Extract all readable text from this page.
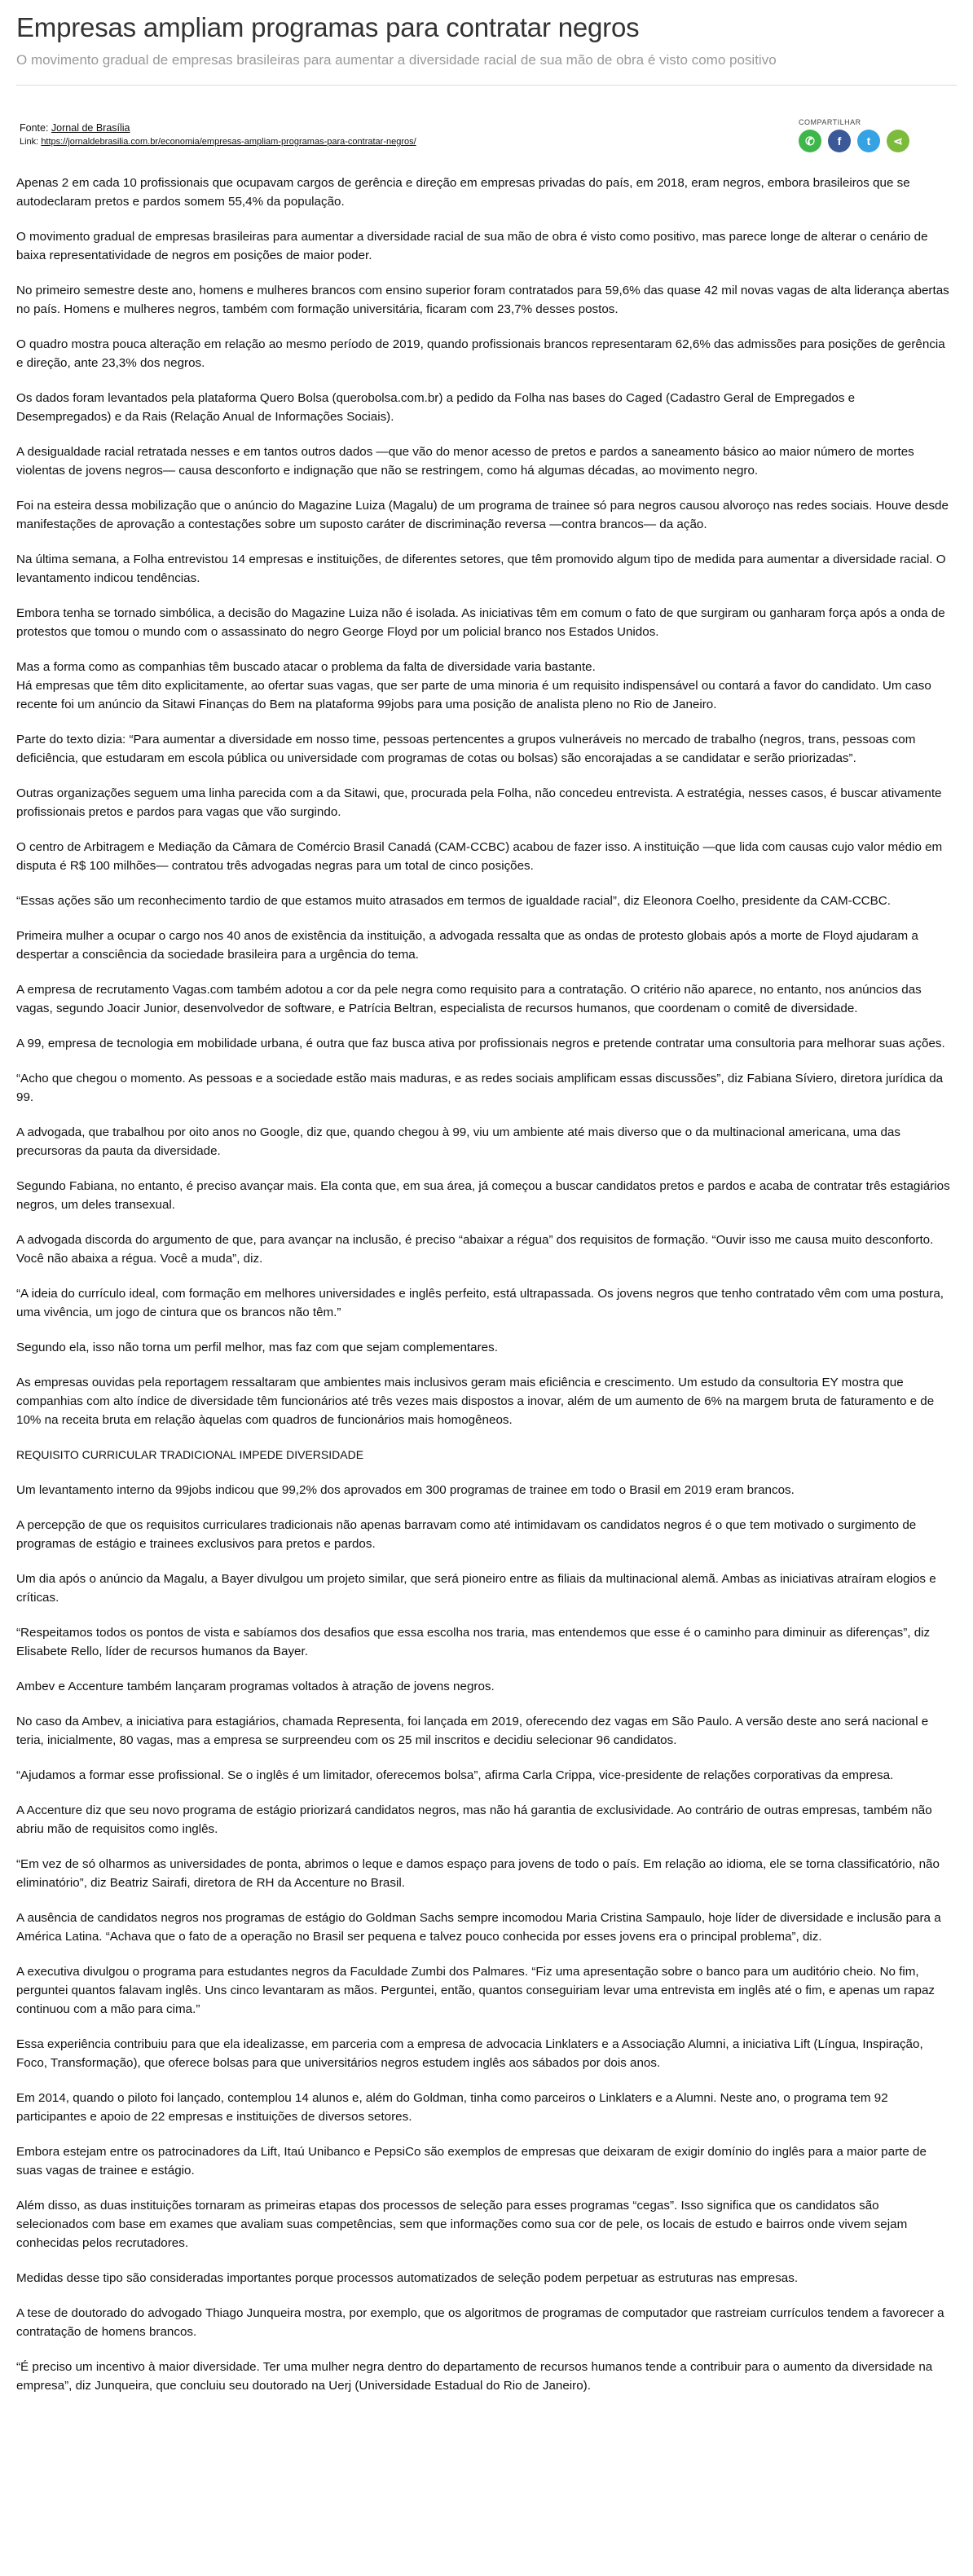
Empresas ampliam programas para contratar negros

O movimento gradual de empresas brasileiras para aumentar a diversidade racial de sua mão de obra é visto como positivo

Fonte: Jornal de Brasília
Link: https://jornaldebrasilia.com.br/economia/empresas-ampliam-programas-para-contratar-negros/
COMPARTILHAR
✆ f t ⋖

Apenas 2 em cada 10 profissionais que ocupavam cargos de gerência e direção em empresas privadas do país, em 2018, eram negros, embora brasileiros que se autodeclaram pretos e pardos somem 55,4% da população.

O movimento gradual de empresas brasileiras para aumentar a diversidade racial de sua mão de obra é visto como positivo, mas parece longe de alterar o cenário de baixa representatividade de negros em posições de maior poder.

No primeiro semestre deste ano, homens e mulheres brancos com ensino superior foram contratados para 59,6% das quase 42 mil novas vagas de alta liderança abertas no país. Homens e mulheres negros, também com formação universitária, ficaram com 23,7% desses postos.

O quadro mostra pouca alteração em relação ao mesmo período de 2019, quando profissionais brancos representaram 62,6% das admissões para posições de gerência e direção, ante 23,3% dos negros.

Os dados foram levantados pela plataforma Quero Bolsa (querobolsa.com.br) a pedido da Folha nas bases do Caged (Cadastro Geral de Empregados e Desempregados) e da Rais (Relação Anual de Informações Sociais).

A desigualdade racial retratada nesses e em tantos outros dados —que vão do menor acesso de pretos e pardos a saneamento básico ao maior número de mortes violentas de jovens negros— causa desconforto e indignação que não se restringem, como há algumas décadas, ao movimento negro.

Foi na esteira dessa mobilização que o anúncio do Magazine Luiza (Magalu) de um programa de trainee só para negros causou alvoroço nas redes sociais. Houve desde manifestações de aprovação a contestações sobre um suposto caráter de discriminação reversa —contra brancos— da ação.

Na última semana, a Folha entrevistou 14 empresas e instituições, de diferentes setores, que têm promovido algum tipo de medida para aumentar a diversidade racial. O levantamento indicou tendências.

Embora tenha se tornado simbólica, a decisão do Magazine Luiza não é isolada. As iniciativas têm em comum o fato de que surgiram ou ganharam força após a onda de protestos que tomou o mundo com o assassinato do negro George Floyd por um policial branco nos Estados Unidos.

Mas a forma como as companhias têm buscado atacar o problema da falta de diversidade varia bastante.

Há empresas que têm dito explicitamente, ao ofertar suas vagas, que ser parte de uma minoria é um requisito indispensável ou contará a favor do candidato. Um caso recente foi um anúncio da Sitawi Finanças do Bem na plataforma 99jobs para uma posição de analista pleno no Rio de Janeiro.

Parte do texto dizia: “Para aumentar a diversidade em nosso time, pessoas pertencentes a grupos vulneráveis no mercado de trabalho (negros, trans, pessoas com deficiência, que estudaram em escola pública ou universidade com programas de cotas ou bolsas) são encorajadas a se candidatar e serão priorizadas”.

Outras organizações seguem uma linha parecida com a da Sitawi, que, procurada pela Folha, não concedeu entrevista. A estratégia, nesses casos, é buscar ativamente profissionais pretos e pardos para vagas que vão surgindo.

O centro de Arbitragem e Mediação da Câmara de Comércio Brasil Canadá (CAM-CCBC) acabou de fazer isso. A instituição —que lida com causas cujo valor médio em disputa é R$ 100 milhões— contratou três advogadas negras para um total de cinco posições.

“Essas ações são um reconhecimento tardio de que estamos muito atrasados em termos de igualdade racial”, diz Eleonora Coelho, presidente da CAM-CCBC.

Primeira mulher a ocupar o cargo nos 40 anos de existência da instituição, a advogada ressalta que as ondas de protesto globais após a morte de Floyd ajudaram a despertar a consciência da sociedade brasileira para a urgência do tema.

A empresa de recrutamento Vagas.com também adotou a cor da pele negra como requisito para a contratação. O critério não aparece, no entanto, nos anúncios das vagas, segundo Joacir Junior, desenvolvedor de software, e Patrícia Beltran, especialista de recursos humanos, que coordenam o comitê de diversidade.

A 99, empresa de tecnologia em mobilidade urbana, é outra que faz busca ativa por profissionais negros e pretende contratar uma consultoria para melhorar suas ações.

“Acho que chegou o momento. As pessoas e a sociedade estão mais maduras, e as redes sociais amplificam essas discussões”, diz Fabiana Síviero, diretora jurídica da 99.

A advogada, que trabalhou por oito anos no Google, diz que, quando chegou à 99, viu um ambiente até mais diverso que o da multinacional americana, uma das precursoras da pauta da diversidade.

Segundo Fabiana, no entanto, é preciso avançar mais. Ela conta que, em sua área, já começou a buscar candidatos pretos e pardos e acaba de contratar três estagiários negros, um deles transexual.

A advogada discorda do argumento de que, para avançar na inclusão, é preciso “abaixar a régua” dos requisitos de formação. “Ouvir isso me causa muito desconforto. Você não abaixa a régua. Você a muda”, diz.

“A ideia do currículo ideal, com formação em melhores universidades e inglês perfeito, está ultrapassada. Os jovens negros que tenho contratado vêm com uma postura, uma vivência, um jogo de cintura que os brancos não têm.”

Segundo ela, isso não torna um perfil melhor, mas faz com que sejam complementares.

As empresas ouvidas pela reportagem ressaltaram que ambientes mais inclusivos geram mais eficiência e crescimento. Um estudo da consultoria EY mostra que companhias com alto índice de diversidade têm funcionários até três vezes mais dispostos a inovar, além de um aumento de 6% na margem bruta de faturamento e de 10% na receita bruta em relação àquelas com quadros de funcionários mais homogêneos.

REQUISITO CURRICULAR TRADICIONAL IMPEDE DIVERSIDADE

Um levantamento interno da 99jobs indicou que 99,2% dos aprovados em 300 programas de trainee em todo o Brasil em 2019 eram brancos.

A percepção de que os requisitos curriculares tradicionais não apenas barravam como até intimidavam os candidatos negros é o que tem motivado o surgimento de programas de estágio e trainees exclusivos para pretos e pardos.

Um dia após o anúncio da Magalu, a Bayer divulgou um projeto similar, que será pioneiro entre as filiais da multinacional alemã. Ambas as iniciativas atraíram elogios e críticas.

“Respeitamos todos os pontos de vista e sabíamos dos desafios que essa escolha nos traria, mas entendemos que esse é o caminho para diminuir as diferenças”, diz Elisabete Rello, líder de recursos humanos da Bayer.

Ambev e Accenture também lançaram programas voltados à atração de jovens negros.

No caso da Ambev, a iniciativa para estagiários, chamada Representa, foi lançada em 2019, oferecendo dez vagas em São Paulo. A versão deste ano será nacional e teria, inicialmente, 80 vagas, mas a empresa se surpreendeu com os 25 mil inscritos e decidiu selecionar 96 candidatos.

“Ajudamos a formar esse profissional. Se o inglês é um limitador, oferecemos bolsa”, afirma Carla Crippa, vice-presidente de relações corporativas da empresa.

A Accenture diz que seu novo programa de estágio priorizará candidatos negros, mas não há garantia de exclusividade. Ao contrário de outras empresas, também não abriu mão de requisitos como inglês.

“Em vez de só olharmos as universidades de ponta, abrimos o leque e damos espaço para jovens de todo o país. Em relação ao idioma, ele se torna classificatório, não eliminatório”, diz Beatriz Sairafi, diretora de RH da Accenture no Brasil.

A ausência de candidatos negros nos programas de estágio do Goldman Sachs sempre incomodou Maria Cristina Sampaulo, hoje líder de diversidade e inclusão para a América Latina. “Achava que o fato de a operação no Brasil ser pequena e talvez pouco conhecida por esses jovens era o principal problema”, diz.

A executiva divulgou o programa para estudantes negros da Faculdade Zumbi dos Palmares. “Fiz uma apresentação sobre o banco para um auditório cheio. No fim, perguntei quantos falavam inglês. Uns cinco levantaram as mãos. Perguntei, então, quantos conseguiriam levar uma entrevista em inglês até o fim, e apenas um rapaz continuou com a mão para cima.”

Essa experiência contribuiu para que ela idealizasse, em parceria com a empresa de advocacia Linklaters e a Associação Alumni, a iniciativa Lift (Língua, Inspiração, Foco, Transformação), que oferece bolsas para que universitários negros estudem inglês aos sábados por dois anos.

Em 2014, quando o piloto foi lançado, contemplou 14 alunos e, além do Goldman, tinha como parceiros o Linklaters e a Alumni. Neste ano, o programa tem 92 participantes e apoio de 22 empresas e instituições de diversos setores.

Embora estejam entre os patrocinadores da Lift, Itaú Unibanco e PepsiCo são exemplos de empresas que deixaram de exigir domínio do inglês para a maior parte de suas vagas de trainee e estágio.

Além disso, as duas instituições tornaram as primeiras etapas dos processos de seleção para esses programas “cegas”. Isso significa que os candidatos são selecionados com base em exames que avaliam suas competências, sem que informações como sua cor de pele, os locais de estudo e bairros onde vivem sejam conhecidas pelos recrutadores.

Medidas desse tipo são consideradas importantes porque processos automatizados de seleção podem perpetuar as estruturas nas empresas.

A tese de doutorado do advogado Thiago Junqueira mostra, por exemplo, que os algoritmos de programas de computador que rastreiam currículos tendem a favorecer a contratação de homens brancos.

“É preciso um incentivo à maior diversidade. Ter uma mulher negra dentro do departamento de recursos humanos tende a contribuir para o aumento da diversidade na empresa”, diz Junqueira, que concluiu seu doutorado na Uerj (Universidade Estadual do Rio de Janeiro).
